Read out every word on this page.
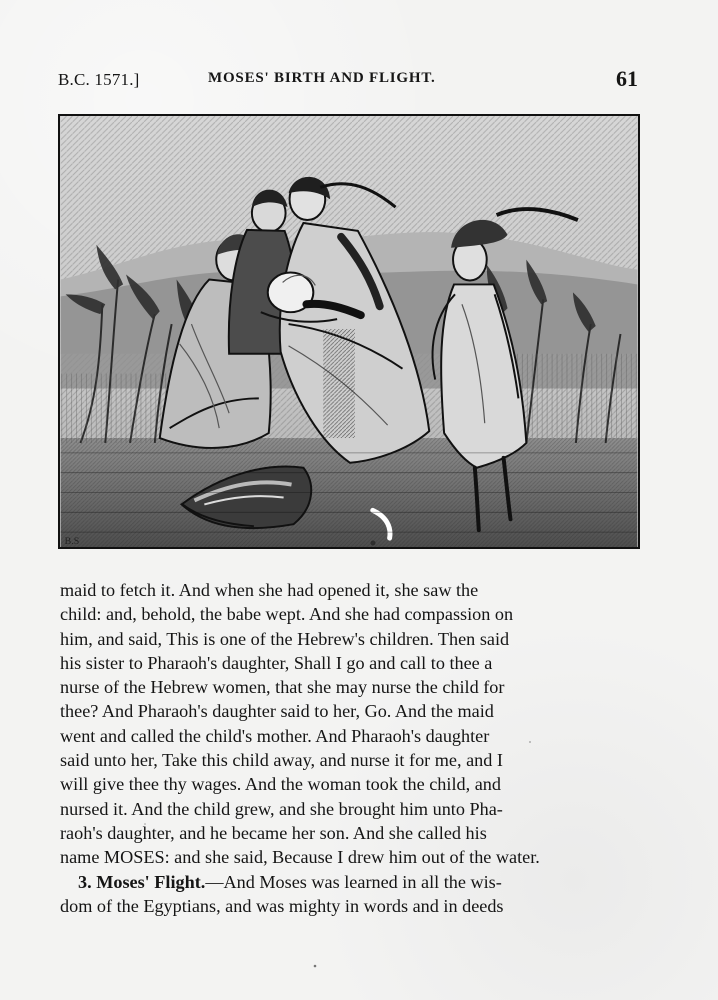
B.C. 1571.]	MOSES' BIRTH AND FLIGHT.	61
B.S
maid to fetch it. And when she had opened it, she saw the
child: and, behold, the babe wept. And she had compassion on
him, and said, This is one of the Hebrew's children. Then said
his sister to Pharaoh's daughter, Shall I go and call to thee a
nurse of the Hebrew women, that she may nurse the child for
thee? And Pharaoh's daughter said to her, Go. And the maid
went and called the child's mother. And Pharaoh's daughter
said unto her, Take this child away, and nurse it for me, and I
will give thee thy wages. And the woman took the child, and
nursed it. And the child grew, and she brought him unto Pha-
raoh's daughter, and he became her son. And she called his
name MOSES: and she said, Because I drew him out of the water.
3. Moses' Flight.—And Moses was learned in all the wis-
dom of the Egyptians, and was mighty in words and in deeds
